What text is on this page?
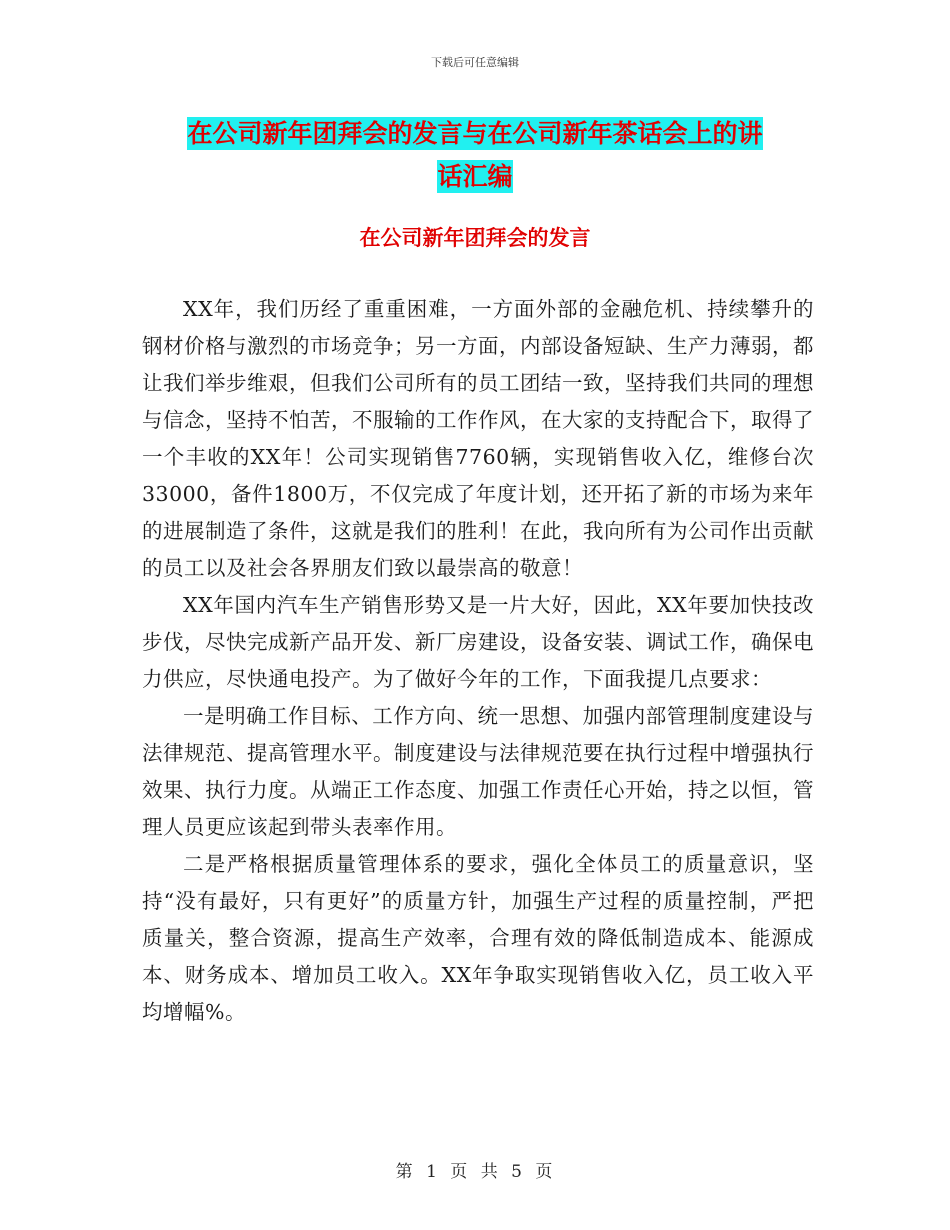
下载后可任意编辑
在公司新年团拜会的发言与在公司新年茶话会上的讲
话汇编
在公司新年团拜会的发言

XX年，我们历经了重重困难，一方面外部的金融危机、持续攀升的钢材价格与激烈的市场竞争；另一方面，内部设备短缺、生产力薄弱，都让我们举步维艰，但我们公司所有的员工团结一致，坚持我们共同的理想与信念，坚持不怕苦，不服输的工作作风，在大家的支持配合下，取得了一个丰收的XX年！公司实现销售7760辆，实现销售收入亿，维修台次33000，备件1800万，不仅完成了年度计划，还开拓了新的市场为来年的进展制造了条件，这就是我们的胜利！在此，我向所有为公司作出贡献的员工以及社会各界朋友们致以最崇高的敬意！

XX年国内汽车生产销售形势又是一片大好，因此，XX年要加快技改步伐，尽快完成新产品开发、新厂房建设，设备安装、调试工作，确保电力供应，尽快通电投产。为了做好今年的工作，下面我提几点要求：

一是明确工作目标、工作方向、统一思想、加强内部管理制度建设与法律规范、提高管理水平。制度建设与法律规范要在执行过程中增强执行效果、执行力度。从端正工作态度、加强工作责任心开始，持之以恒，管理人员更应该起到带头表率作用。

二是严格根据质量管理体系的要求，强化全体员工的质量意识，坚持“没有最好，只有更好”的质量方针，加强生产过程的质量控制，严把质量关，整合资源，提高生产效率，合理有效的降低制造成本、能源成本、财务成本、增加员工收入。XX年争取实现销售收入亿，员工收入平均增幅%。

第 1 页 共 5 页
